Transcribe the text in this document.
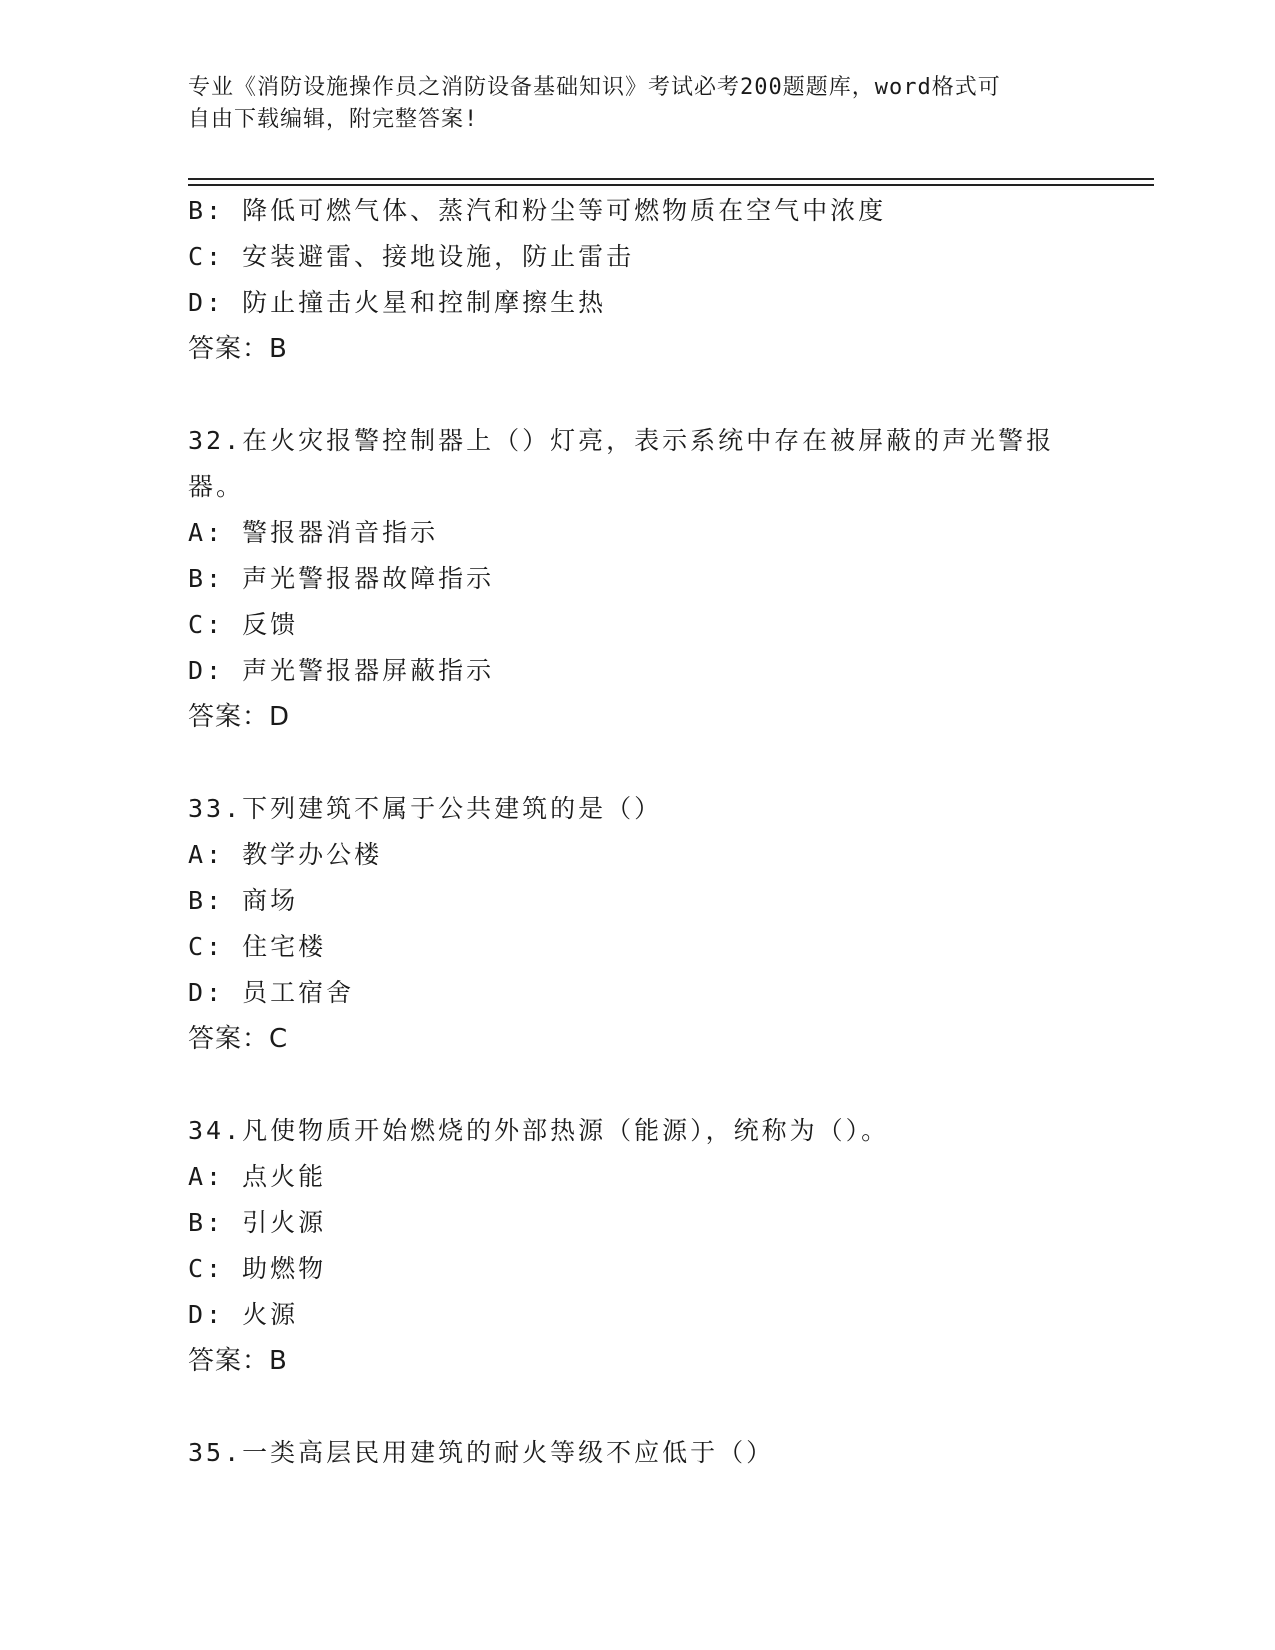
专业《消防设施操作员之消防设备基础知识》考试必考200题题库，word格式可
自由下载编辑，附完整答案!
B: 降低可燃气体、蒸汽和粉尘等可燃物质在空气中浓度
C: 安装避雷、接地设施，防止雷击
D: 防止撞击火星和控制摩擦生热
答案：B
32.在火灾报警控制器上（）灯亮，表示系统中存在被屏蔽的声光警报
器。
A: 警报器消音指示
B: 声光警报器故障指示
C: 反馈
D: 声光警报器屏蔽指示
答案：D
33.下列建筑不属于公共建筑的是（）
A: 教学办公楼
B: 商场
C: 住宅楼
D: 员工宿舍
答案：C
34.凡使物质开始燃烧的外部热源（能源），统称为（）。
A: 点火能
B: 引火源
C: 助燃物
D: 火源
答案：B
35.一类高层民用建筑的耐火等级不应低于（）
